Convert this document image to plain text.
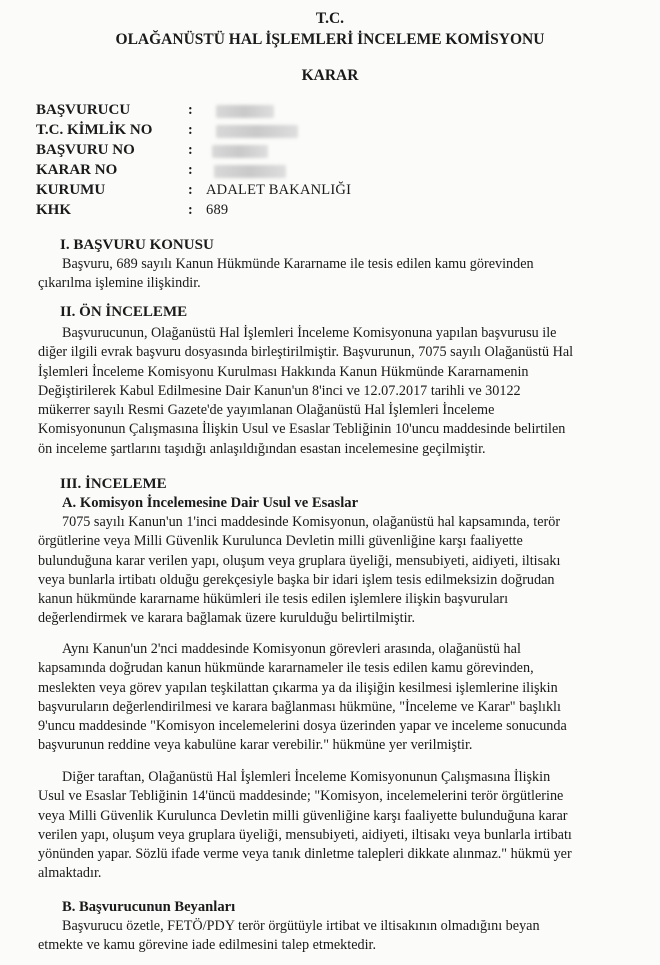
T.C.
OLAĞANÜSTÜ HAL İŞLEMLERİ İNCELEME KOMİSYONU
KARAR
BAŞVURUCU	:
T.C. KİMLİK NO	:
BAŞVURU NO	:
KARAR NO	:
KURUMU	: ADALET BAKANLIĞI
KHK	: 689
I. BAŞVURU KONUSU
Başvuru, 689 sayılı Kanun Hükmünde Kararname ile tesis edilen kamu görevinden
çıkarılma işlemine ilişkindir.
II. ÖN İNCELEME
Başvurucunun, Olağanüstü Hal İşlemleri İnceleme Komisyonuna yapılan başvurusu ile
diğer ilgili evrak başvuru dosyasında birleştirilmiştir. Başvurunun, 7075 sayılı Olağanüstü Hal
İşlemleri İnceleme Komisyonu Kurulması Hakkında Kanun Hükmünde Kararnamenin
Değiştirilerek Kabul Edilmesine Dair Kanun'un 8'inci ve 12.07.2017 tarihli ve 30122
mükerrer sayılı Resmi Gazete'de yayımlanan Olağanüstü Hal İşlemleri İnceleme
Komisyonunun Çalışmasına İlişkin Usul ve Esaslar Tebliğinin 10'uncu maddesinde belirtilen
ön inceleme şartlarını taşıdığı anlaşıldığından esastan incelemesine geçilmiştir.
III. İNCELEME
A. Komisyon İncelemesine Dair Usul ve Esaslar
7075 sayılı Kanun'un 1'inci maddesinde Komisyonun, olağanüstü hal kapsamında, terör
örgütlerine veya Milli Güvenlik Kurulunca Devletin milli güvenliğine karşı faaliyette
bulunduğuna karar verilen yapı, oluşum veya gruplara üyeliği, mensubiyeti, aidiyeti, iltisakı
veya bunlarla irtibatı olduğu gerekçesiyle başka bir idari işlem tesis edilmeksizin doğrudan
kanun hükmünde kararname hükümleri ile tesis edilen işlemlere ilişkin başvuruları
değerlendirmek ve karara bağlamak üzere kurulduğu belirtilmiştir.
Aynı Kanun'un 2'nci maddesinde Komisyonun görevleri arasında, olağanüstü hal
kapsamında doğrudan kanun hükmünde kararnameler ile tesis edilen kamu görevinden,
meslekten veya görev yapılan teşkilattan çıkarma ya da ilişiğin kesilmesi işlemlerine ilişkin
başvuruların değerlendirilmesi ve karara bağlanması hükmüne, "İnceleme ve Karar" başlıklı
9'uncu maddesinde "Komisyon incelemelerini dosya üzerinden yapar ve inceleme sonucunda
başvurunun reddine veya kabulüne karar verebilir." hükmüne yer verilmiştir.
Diğer taraftan, Olağanüstü Hal İşlemleri İnceleme Komisyonunun Çalışmasına İlişkin
Usul ve Esaslar Tebliğinin 14'üncü maddesinde; "Komisyon, incelemelerini terör örgütlerine
veya Milli Güvenlik Kurulunca Devletin milli güvenliğine karşı faaliyette bulunduğuna karar
verilen yapı, oluşum veya gruplara üyeliği, mensubiyeti, aidiyeti, iltisakı veya bunlarla irtibatı
yönünden yapar. Sözlü ifade verme veya tanık dinletme talepleri dikkate alınmaz." hükmü yer
almaktadır.
B. Başvurucunun Beyanları
Başvurucu özetle, FETÖ/PDY terör örgütüyle irtibat ve iltisakının olmadığını beyan
etmekte ve kamu görevine iade edilmesini talep etmektedir.
